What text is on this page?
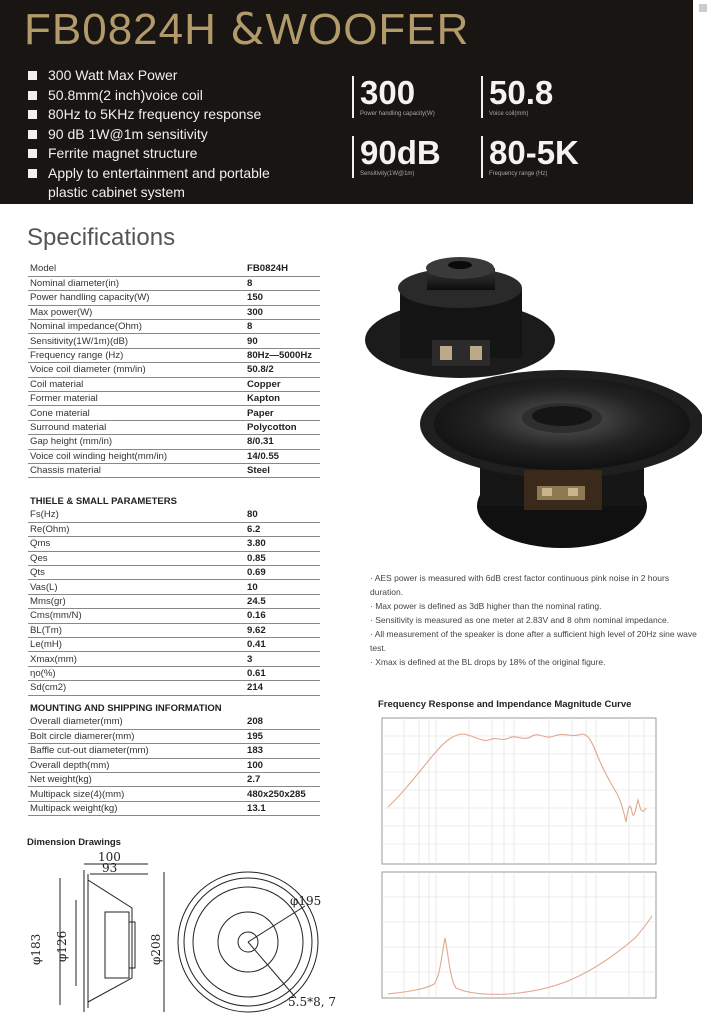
FB0824H &WOOFER
300 Watt Max Power
50.8mm(2 inch)voice coil
80Hz to 5KHz frequency response
90 dB 1W@1m sensitivity
Ferrite magnet structure
Apply to entertainment and portable plastic cabinet system
300
Power handling capacity(W)
50.8
Voice coil(mm)
90dB
Sensitivity(1W@1m)
80-5K
Frequency range (Hz)
Specifications
Model	FB0824H
Nominal diameter(in)	8
Power handling capacity(W)	150
Max power(W)	300
Nominal impedance(Ohm)	8
Sensitivity(1W/1m)(dB)	90
Frequency range (Hz)	80Hz—5000Hz
Voice coil diameter (mm/in)	50.8/2
Coil material	Copper
Former material	Kapton
Cone material	Paper
Surround material	Polycotton
Gap height (mm/in)	8/0.31
Voice coil winding height(mm/in)	14/0.55
Chassis material	Steel
THIELE & SMALL PARAMETERS
Fs(Hz)	80
Re(Ohm)	6.2
Qms	3.80
Qes	0.85
Qts	0.69
Vas(L)	10
Mms(gr)	24.5
Cms(mm/N)	0.16
BL(Tm)	9.62
Le(mH)	0.41
Xmax(mm)	3
ηo(%)	0.61
Sd(cm2)	214
MOUNTING AND SHIPPING INFORMATION
Overall diameter(mm)	208
Bolt circle diamerer(mm)	195
Baffle cut-out diameter(mm)	183
Overall depth(mm)	100
Net weight(kg)	2.7
Multipack size(4)(mm)	480x250x285
Multipack weight(kg)	13.1
· AES power is measured with 6dB crest factor continuous pink noise in 2 hours duration.
· Max power is defined as 3dB higher than the nominal rating.
· Sensitivity is measured as one meter at 2.83V and 8 ohm nominal impedance.
· All measurement of the speaker is done after a sufficient high level of 20Hz sine wave test.
· Xmax is defined at the BL drops by 18% of the original figure.
Frequency Response and Impendance Magnitude Curve
Dimension Drawings
100
93
φ195
5.5*8, 7
φ183 φ126	φ208
